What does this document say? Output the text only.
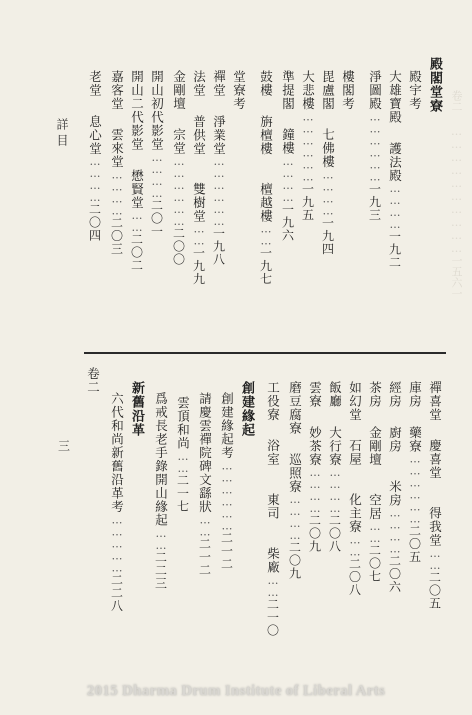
詳目
三
卷二 …………………………一五六一
殿閣堂寮
殿宇考
大雄寶殿　護法殿…………一九二
淨圖殿………………一九三
樓閣考
毘盧閣　七佛樓…………一九四
大悲樓………………一九五
準提閣　鐘樓…………一九六
鼓樓　旃檀樓　　檀越樓……一九七
堂寮考
禪堂　淨業堂………………一九八
法堂　普供堂　　雙樹堂……一九九
金剛壇　宗堂………………二〇〇
開山初代影堂…………二〇一
開山二代影堂　懋賢堂……二〇二
嘉客堂　雲來堂…………二〇三
老堂　息心堂…………二〇四
禪喜堂　慶喜堂　　得我堂……二〇五
庫房　藥寮………………二〇五
經房　廚房　　米房…………二〇六
茶房　金剛壇　　空居……二〇七
如幻堂　石屋　　化主寮……二〇八
飯廳　大行寮…………二〇八
雲寮　妙茶寮…………二〇九
磨豆腐寮　巡照寮…………二〇九
工役寮　浴室　　東司　　柴廠……二一〇
創建緣起
創建緣起考………………二一二
請慶雲禪院碑文繇狀……二一二
雲頂和尚……二一七
爲戒長老手錄開山緣起……二二三
新舊沿革
六代和尚新舊沿革考……………二二八
卷二
2015 Dharma Drum Institute of Liberal Arts
